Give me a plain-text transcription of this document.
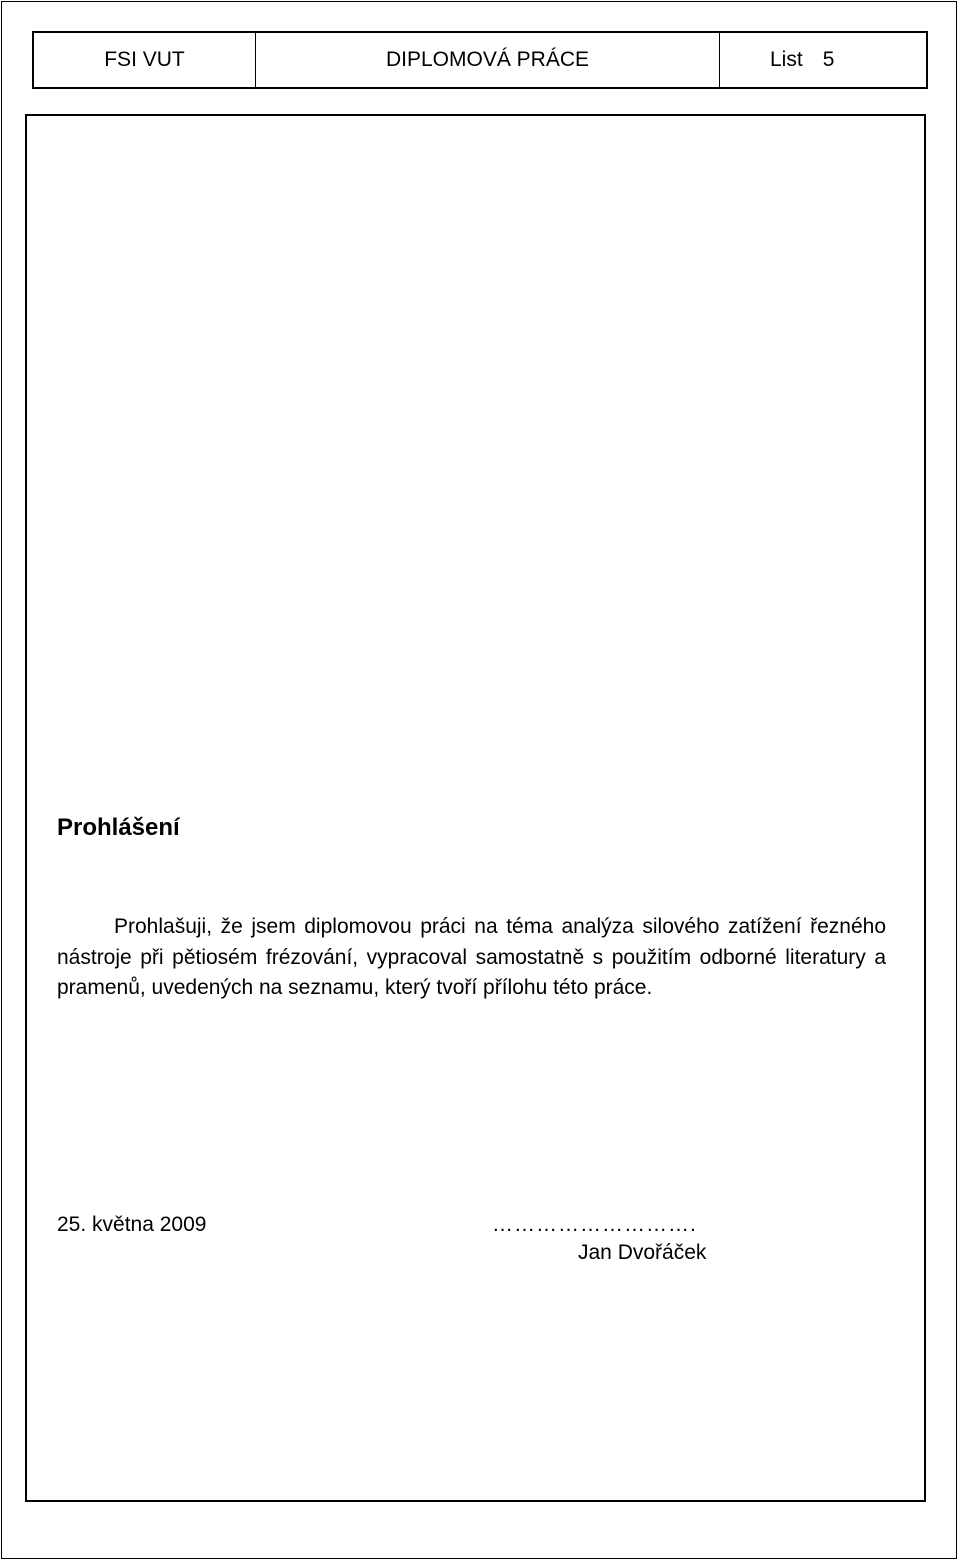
FSI VUT	DIPLOMOVÁ PRÁCE	List 5
Prohlášení

Prohlašuji, že jsem diplomovou práci na téma analýza silového zatížení řezného nástroje při pětiosém frézování, vypracoval samostatně s použitím odborné literatury a pramenů, uvedených na seznamu, který tvoří přílohu této práce.

25. května 2009	……………………….
Jan Dvořáček
